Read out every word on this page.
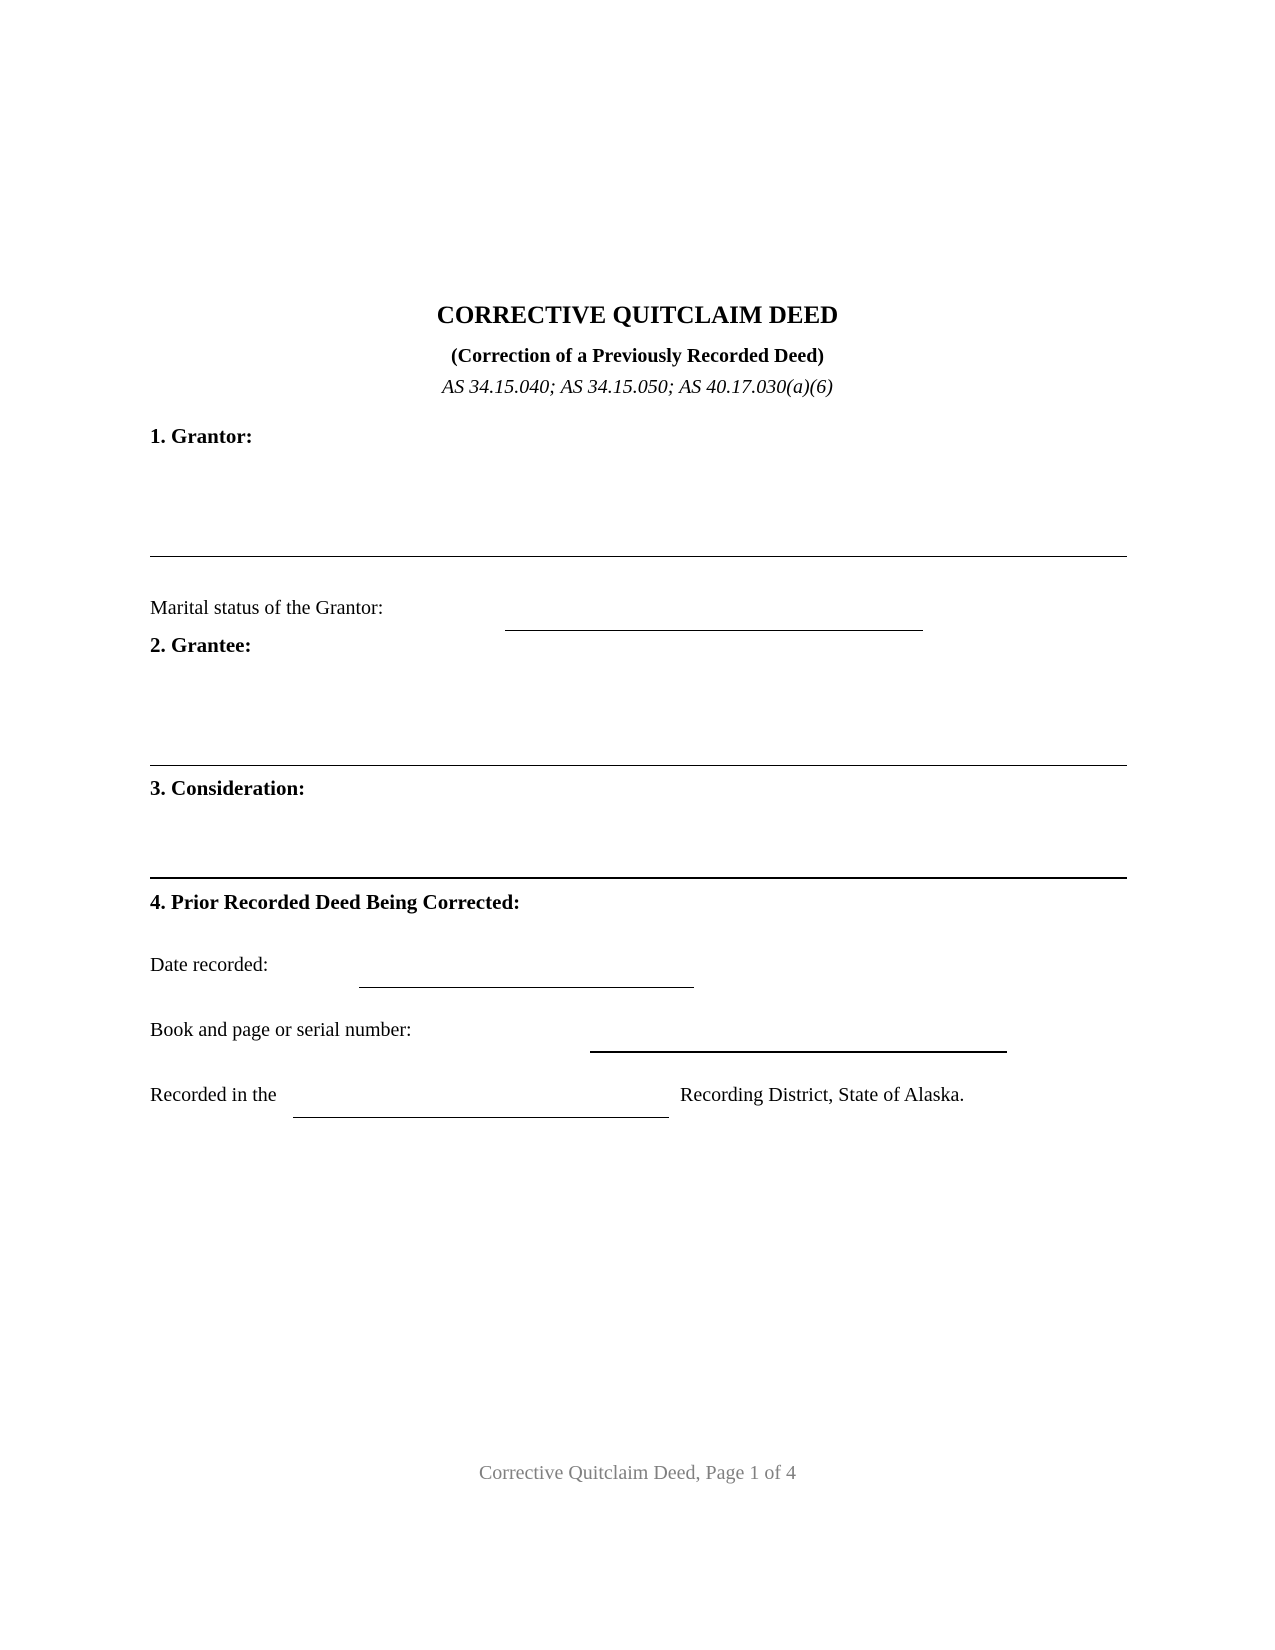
CORRECTIVE QUITCLAIM DEED
(Correction of a Previously Recorded Deed)
AS 34.15.040; AS 34.15.050; AS 40.17.030(a)(6)
1. Grantor:
Marital status of the Grantor:
2. Grantee:
3. Consideration:
4. Prior Recorded Deed Being Corrected:
Date recorded:
Book and page or serial number:
Recorded in the	Recording District, State of Alaska.
Corrective Quitclaim Deed, Page 1 of 4
